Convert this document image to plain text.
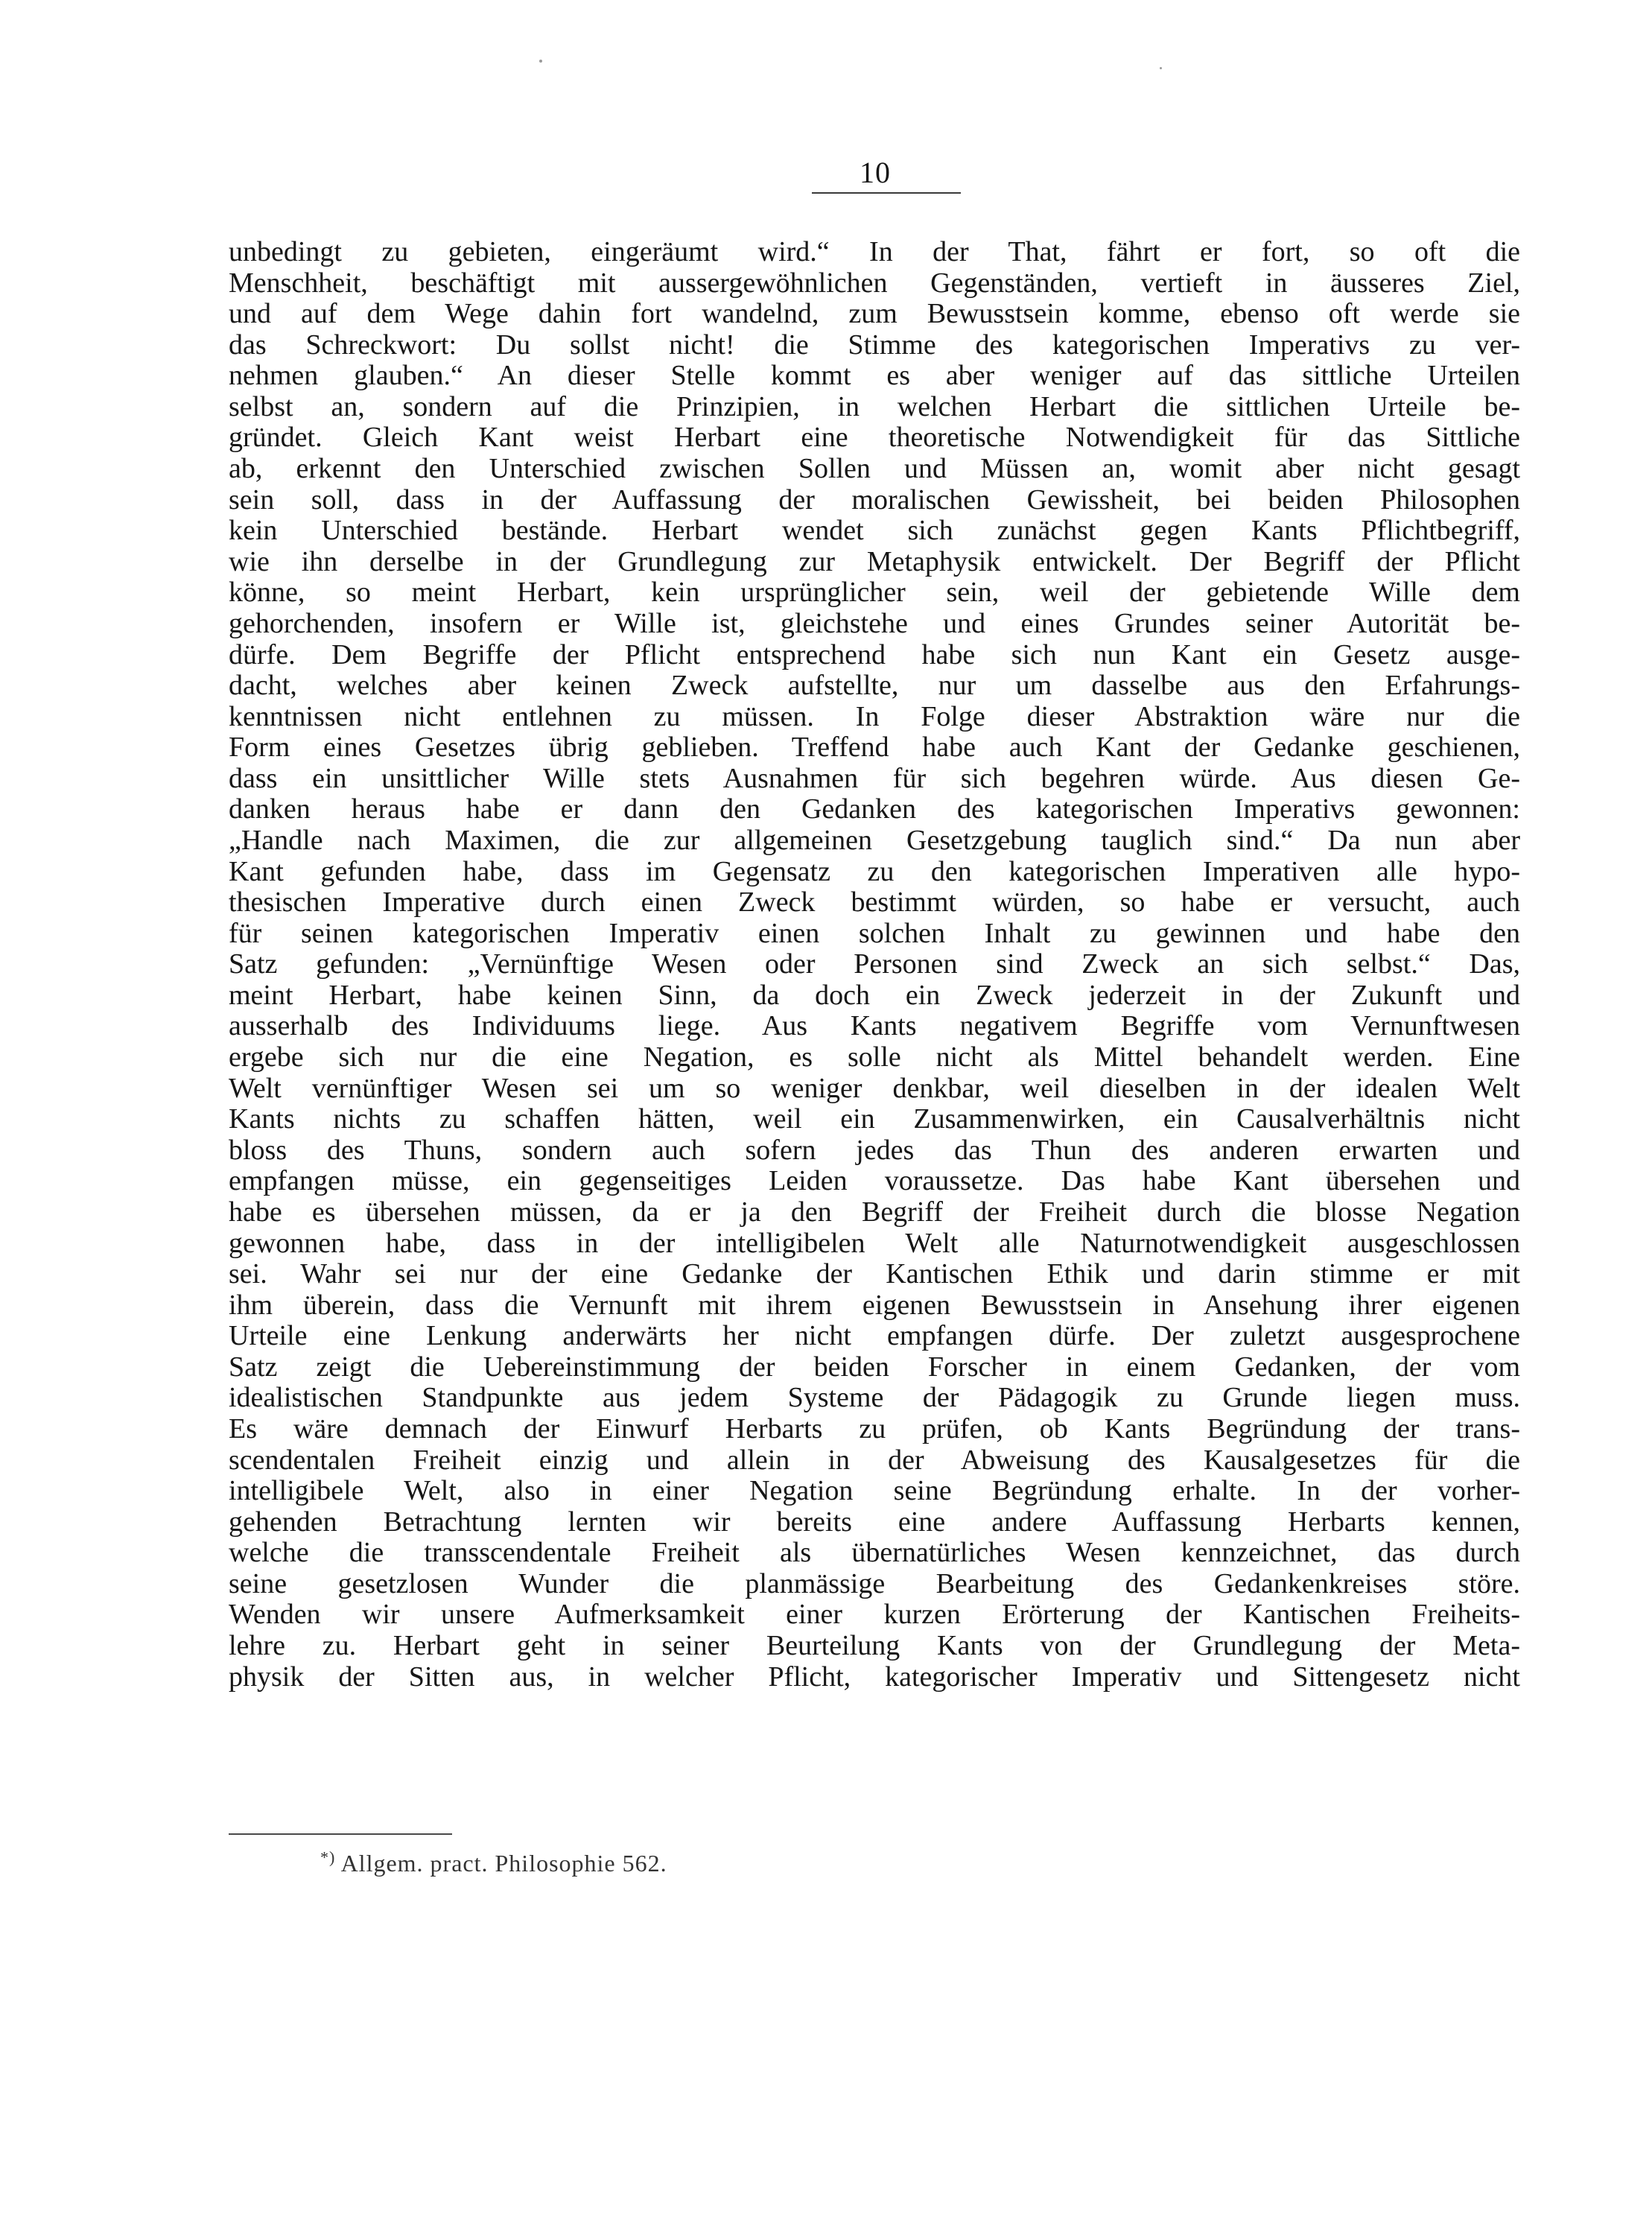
10
unbedingt zu gebieten, eingeräumt wird.“ In der That, fährt er fort, so oft die
Menschheit, beschäftigt mit aussergewöhnlichen Gegenständen, vertieft in äusseres Ziel,
und auf dem Wege dahin fort wandelnd, zum Bewusstsein komme, ebenso oft werde sie
das Schreckwort: Du sollst nicht! die Stimme des kategorischen Imperativs zu ver-
nehmen glauben.“ An dieser Stelle kommt es aber weniger auf das sittliche Urteilen
selbst an, sondern auf die Prinzipien, in welchen Herbart die sittlichen Urteile be-
gründet. Gleich Kant weist Herbart eine theoretische Notwendigkeit für das Sittliche
ab, erkennt den Unterschied zwischen Sollen und Müssen an, womit aber nicht gesagt
sein soll, dass in der Auffassung der moralischen Gewissheit, bei beiden Philosophen
kein Unterschied bestände. Herbart wendet sich zunächst gegen Kants Pflichtbegriff,
wie ihn derselbe in der Grundlegung zur Metaphysik entwickelt. Der Begriff der Pflicht
könne, so meint Herbart, kein ursprünglicher sein, weil der gebietende Wille dem
gehorchenden, insofern er Wille ist, gleichstehe und eines Grundes seiner Autorität be-
dürfe. Dem Begriffe der Pflicht entsprechend habe sich nun Kant ein Gesetz ausge-
dacht, welches aber keinen Zweck aufstellte, nur um dasselbe aus den Erfahrungs-
kenntnissen nicht entlehnen zu müssen. In Folge dieser Abstraktion wäre nur die
Form eines Gesetzes übrig geblieben. Treffend habe auch Kant der Gedanke geschienen,
dass ein unsittlicher Wille stets Ausnahmen für sich begehren würde. Aus diesen Ge-
danken heraus habe er dann den Gedanken des kategorischen Imperativs gewonnen:
„Handle nach Maximen, die zur allgemeinen Gesetzgebung tauglich sind.“ Da nun aber
Kant gefunden habe, dass im Gegensatz zu den kategorischen Imperativen alle hypo-
thesischen Imperative durch einen Zweck bestimmt würden, so habe er versucht, auch
für seinen kategorischen Imperativ einen solchen Inhalt zu gewinnen und habe den
Satz gefunden: „Vernünftige Wesen oder Personen sind Zweck an sich selbst.“ Das,
meint Herbart, habe keinen Sinn, da doch ein Zweck jederzeit in der Zukunft und
ausserhalb des Individuums liege. Aus Kants negativem Begriffe vom Vernunftwesen
ergebe sich nur die eine Negation, es solle nicht als Mittel behandelt werden. Eine
Welt vernünftiger Wesen sei um so weniger denkbar, weil dieselben in der idealen Welt
Kants nichts zu schaffen hätten, weil ein Zusammenwirken, ein Causalverhältnis nicht
bloss des Thuns, sondern auch sofern jedes das Thun des anderen erwarten und
empfangen müsse, ein gegenseitiges Leiden voraussetze. Das habe Kant übersehen und
habe es übersehen müssen, da er ja den Begriff der Freiheit durch die blosse Negation
gewonnen habe, dass in der intelligibelen Welt alle Naturnotwendigkeit ausgeschlossen
sei. Wahr sei nur der eine Gedanke der Kantischen Ethik und darin stimme er mit
ihm überein, dass die Vernunft mit ihrem eigenen Bewusstsein in Ansehung ihrer eigenen
Urteile eine Lenkung anderwärts her nicht empfangen dürfe. Der zuletzt ausgesprochene
Satz zeigt die Uebereinstimmung der beiden Forscher in einem Gedanken, der vom
idealistischen Standpunkte aus jedem Systeme der Pädagogik zu Grunde liegen muss.
Es wäre demnach der Einwurf Herbarts zu prüfen, ob Kants Begründung der trans-
scendentalen Freiheit einzig und allein in der Abweisung des Kausalgesetzes für die
intelligibele Welt, also in einer Negation seine Begründung erhalte. In der vorher-
gehenden Betrachtung lernten wir bereits eine andere Auffassung Herbarts kennen,
welche die transscendentale Freiheit als übernatürliches Wesen kennzeichnet, das durch
seine gesetzlosen Wunder die planmässige Bearbeitung des Gedankenkreises störe.
Wenden wir unsere Aufmerksamkeit einer kurzen Erörterung der Kantischen Freiheits-
lehre zu. Herbart geht in seiner Beurteilung Kants von der Grundlegung der Meta-
physik der Sitten aus, in welcher Pflicht, kategorischer Imperativ und Sittengesetz nicht
*) Allgem. pract. Philosophie 562.
